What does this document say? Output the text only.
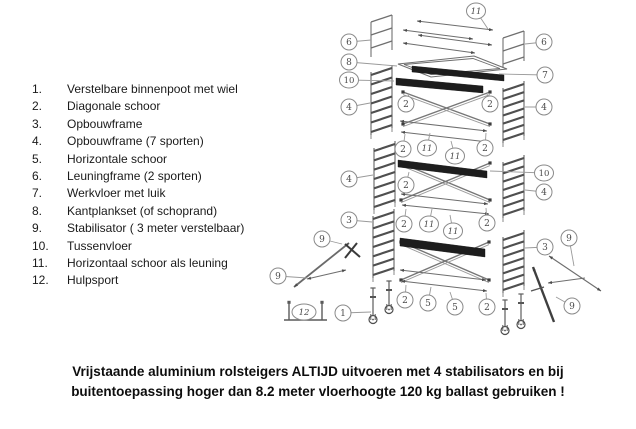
1.	Verstelbare binnenpoot met wiel
2.	Diagonale schoor
3.	Opbouwframe
4.	Opbouwframe (7 sporten)
5.	Horizontale schoor
6.	Leuningframe (2 sporten)
7.	Werkvloer met luik
8.	Kantplankset (of schoprand)
9.	Stabilisator ( 3 meter verstelbaar)
10.	Tussenvloer
11.	Horizontaal schoor als leuning
12.	Hulpsport
11
6	6
8
7
10
4	2	2	4
2 11
11
2
4
10
2
4
3
9
2 11
11
2
3
9
9
9
12	1
2 5 5	2
Vrijstaande aluminium rolsteigers ALTIJD uitvoeren met 4 stabilisators en bij
buitentoepassing hoger dan 8.2 meter vloerhoogte 120 kg ballast gebruiken !
